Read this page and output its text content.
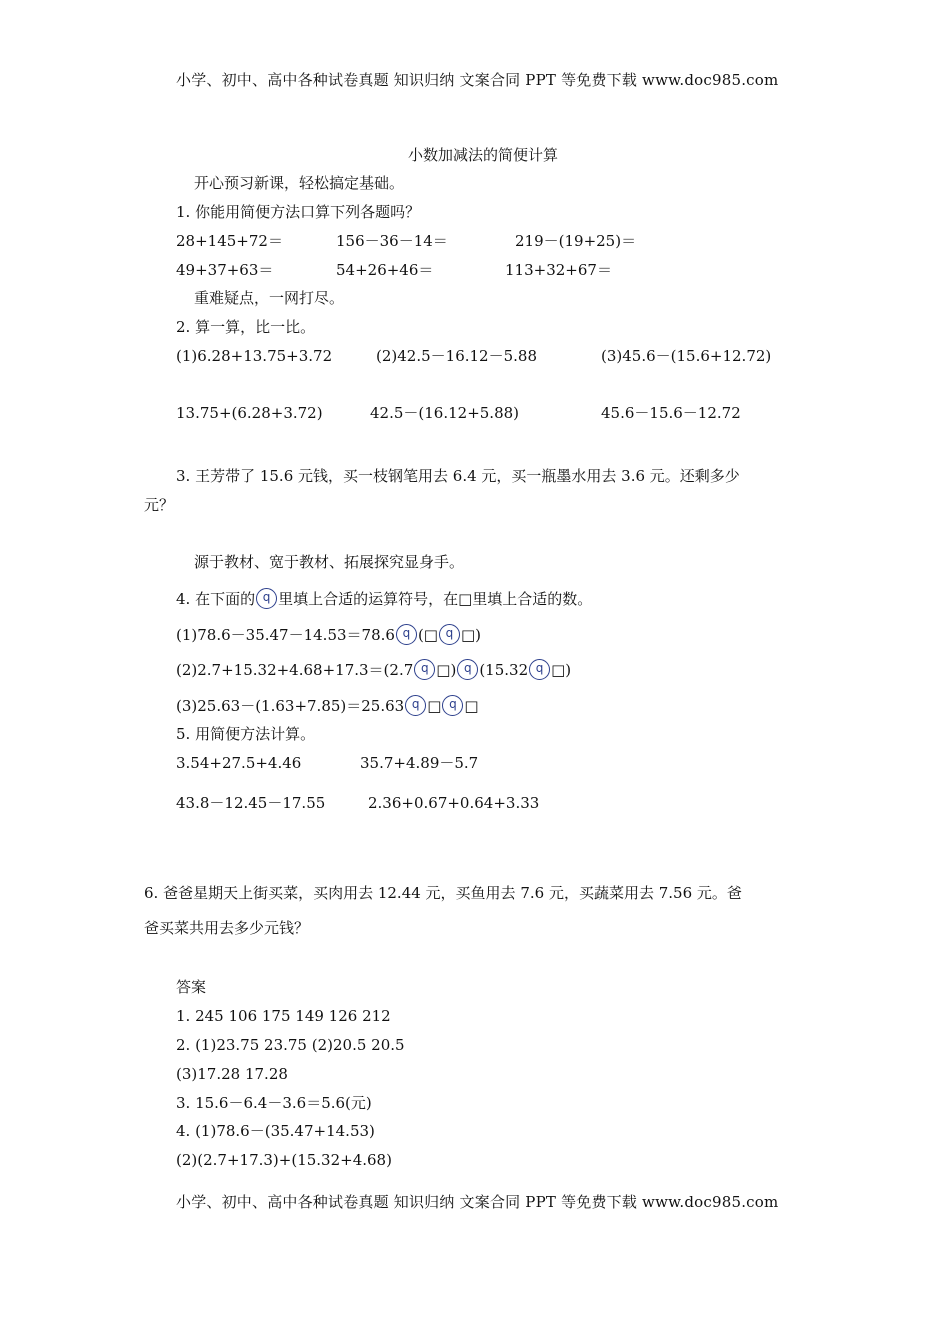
小学、初中、高中各种试卷真题 知识归纳 文案合同 PPT 等免费下载 www.doc985.com
小数加减法的简便计算
开心预习新课，轻松搞定基础。
1. 你能用简便方法口算下列各题吗？
28+145+72＝	156－36－14＝	219－(19+25)＝
49+37+63＝	54+26+46＝	113+32+67＝
重难疑点，一网打尽。
2. 算一算，比一比。
(1)6.28+13.75+3.72	(2)42.5－16.12－5.88	(3)45.6－(15.6+12.72)
13.75+(6.28+3.72)	42.5－(16.12+5.88)	45.6－15.6－12.72
3. 王芳带了 15.6 元钱，买一枝钢笔用去 6.4 元，买一瓶墨水用去 3.6 元。还剩多少
元？
源于教材、宽于教材、拓展探究显身手。
4. 在下面的 q 里填上合适的运算符号，在□里填上合适的数。
(1)78.6－35.47－14.53＝78.6 q (□ q □)
(2)2.7+15.32+4.68+17.3＝(2.7 q □) q (15.32 q □)
(3)25.63－(1.63+7.85)＝25.63 q □ q □
5. 用简便方法计算。
3.54+27.5+4.46	35.7+4.89－5.7
43.8－12.45－17.55	2.36+0.67+0.64+3.33
6. 爸爸星期天上街买菜，买肉用去 12.44 元，买鱼用去 7.6 元，买蔬菜用去 7.56 元。爸
爸买菜共用去多少元钱？
答案
1. 245 106 175 149 126 212
2. (1)23.75 23.75 (2)20.5 20.5
(3)17.28 17.28
3. 15.6－6.4－3.6＝5.6(元)
4. (1)78.6－(35.47+14.53)
(2)(2.7+17.3)+(15.32+4.68)
小学、初中、高中各种试卷真题 知识归纳 文案合同 PPT 等免费下载 www.doc985.com
